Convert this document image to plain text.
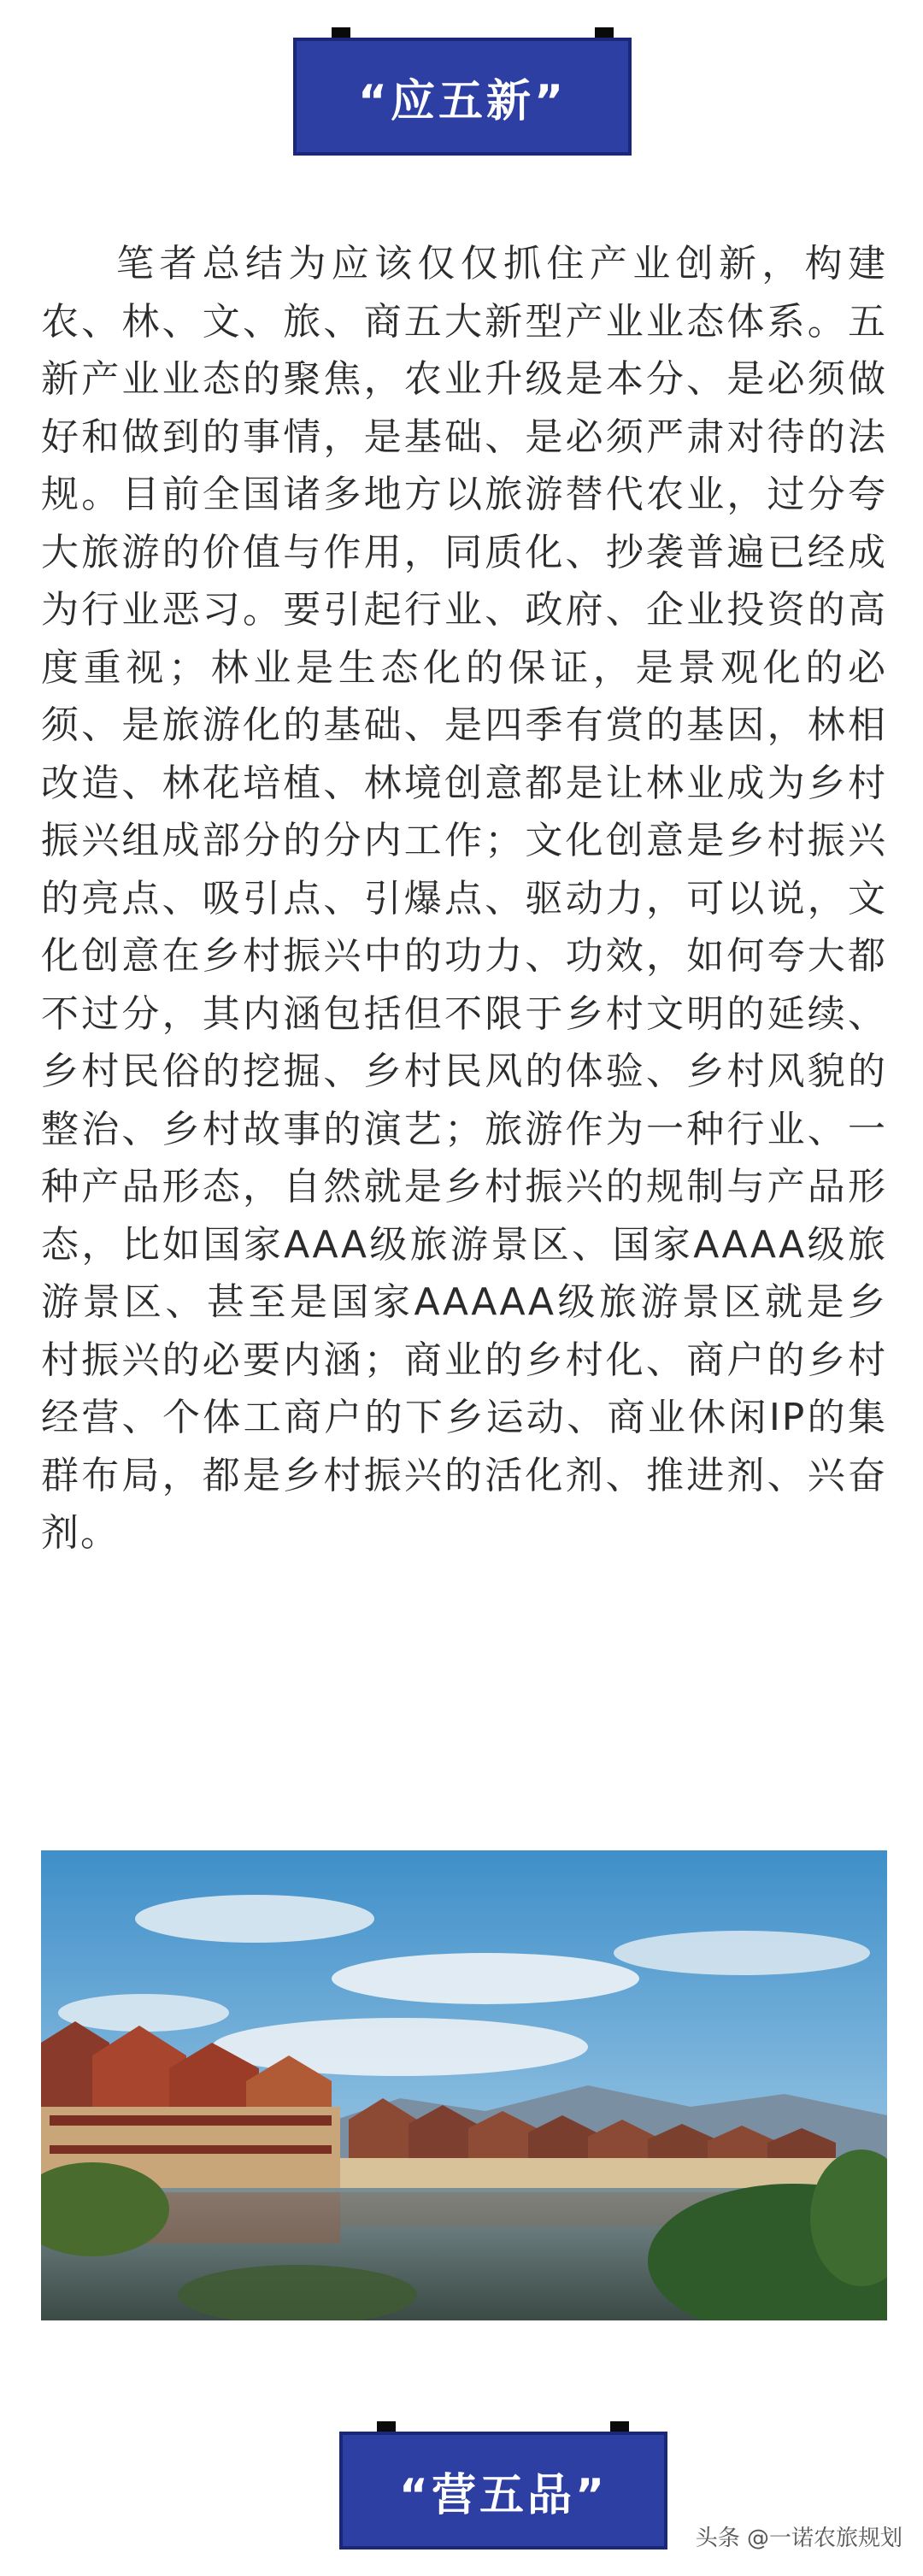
“应五新”

笔者总结为应该仅仅抓住产业创新，构建农、林、文、旅、商五大新型产业业态体系。五新产业业态的聚焦，农业升级是本分、是必须做好和做到的事情，是基础、是必须严肃对待的法规。目前全国诸多地方以旅游替代农业，过分夸大旅游的价值与作用，同质化、抄袭普遍已经成为行业恶习。要引起行业、政府、企业投资的高度重视；林业是生态化的保证，是景观化的必须、是旅游化的基础、是四季有赏的基因，林相改造、林花培植、林境创意都是让林业成为乡村振兴组成部分的分内工作；文化创意是乡村振兴的亮点、吸引点、引爆点、驱动力，可以说，文化创意在乡村振兴中的功力、功效，如何夸大都不过分，其内涵包括但不限于乡村文明的延续、乡村民俗的挖掘、乡村民风的体验、乡村风貌的整治、乡村故事的演艺；旅游作为一种行业、一种产品形态，自然就是乡村振兴的规制与产品形态，比如国家AAA级旅游景区、国家AAAA级旅游景区、甚至是国家AAAAA级旅游景区就是乡村振兴的必要内涵；商业的乡村化、商户的乡村经营、个体工商户的下乡运动、商业休闲IP的集群布局，都是乡村振兴的活化剂、推进剂、兴奋剂。

“营五品”
头条 @一诺农旅规划
